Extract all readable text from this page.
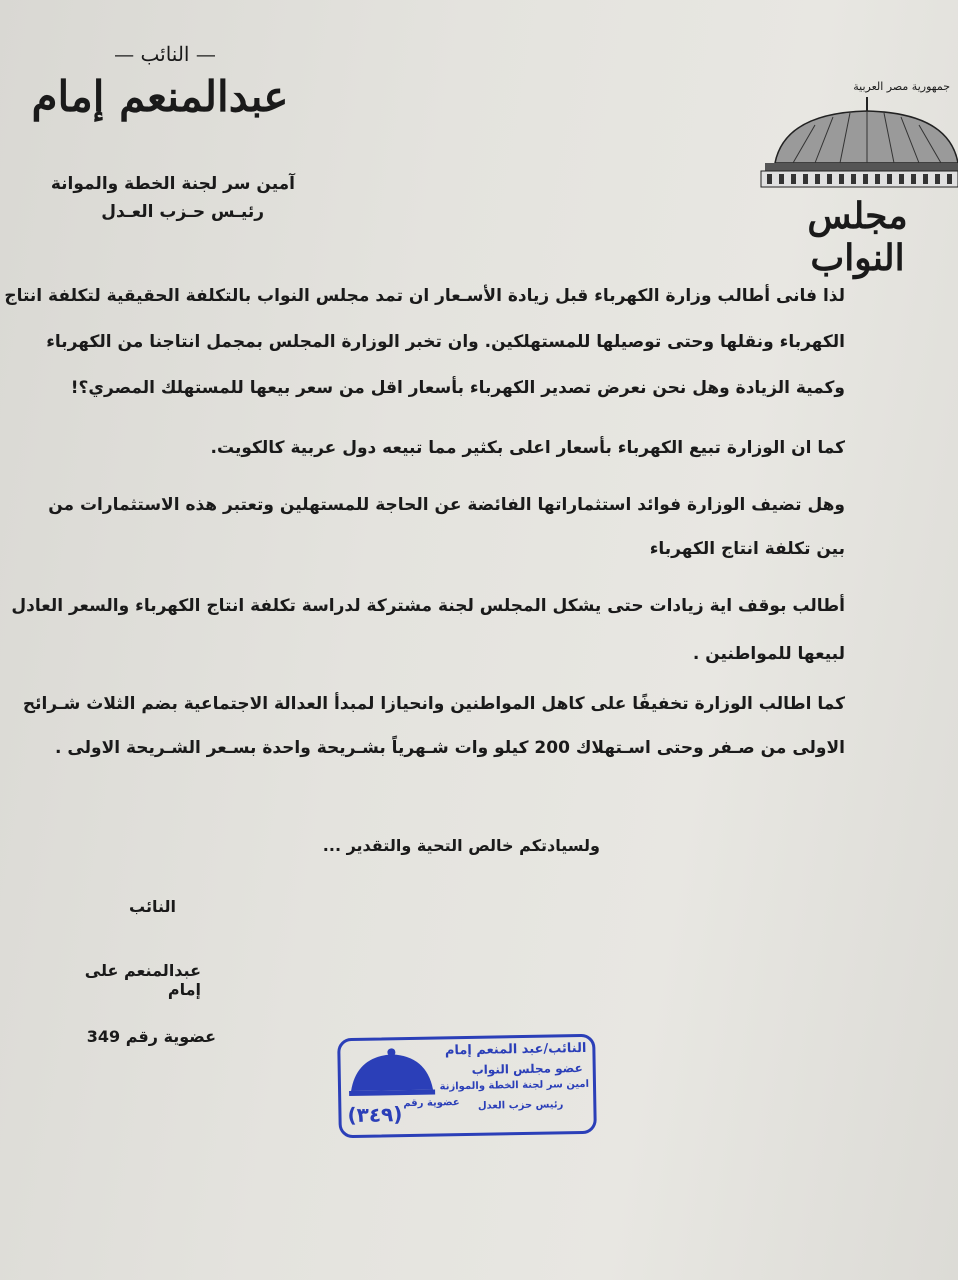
— النائب —
عبدالمنعم إمام
آمين سر لجنة الخطة والموانة
رئيـس حـزب العـدل
جمهورية مصر العربية
مجلس النواب
لذا فانى أطالب وزارة الكهرباء قبل زيادة الأسـعار ان تمد مجلس النواب بالتكلفة الحقيقية لتكلفة انتاج
الكهرباء ونقلها وحتى توصيلها للمستهلكين. وان تخبر الوزارة المجلس بمجمل انتاجنا من الكهرباء
وكمية الزيادة وهل نحن نعرض تصدير الكهرباء بأسعار اقل من سعر بيعها للمستهلك المصري؟!
كما ان الوزارة تبيع الكهرباء بأسعار اعلى بكثير مما تبيعه دول عربية كالكويت.
وهل تضيف الوزارة فوائد استثماراتها الفائضة عن الحاجة للمستهلين وتعتبر هذه الاستثمارات من
بين تكلفة انتاج الكهرباء
أطالب بوقف اية زيادات حتى يشكل المجلس لجنة مشتركة لدراسة تكلفة انتاج الكهرباء والسعر العادل
لبيعها للمواطنين .
كما اطالب الوزارة تخفيفًا على كاهل المواطنين وانحيازا لمبدأ العدالة الاجتماعية بضم الثلاث شـرائح
الاولى من صـفر وحتى اسـتهلاك 200 كيلو وات شـهرياً بشـريحة واحدة بسـعر الشـريحة الاولى .
ولسيادتكم خالص التحية والتقدير ...
النائب
عبدالمنعم على إمام
عضوية رقم 349
النائب/عبد المنعم إمام
عضو مجلس النواب
امين سر لجنة الخطة والموازنة
رئيس حزب العدل
عضوية رقم
(٣٤٩)
